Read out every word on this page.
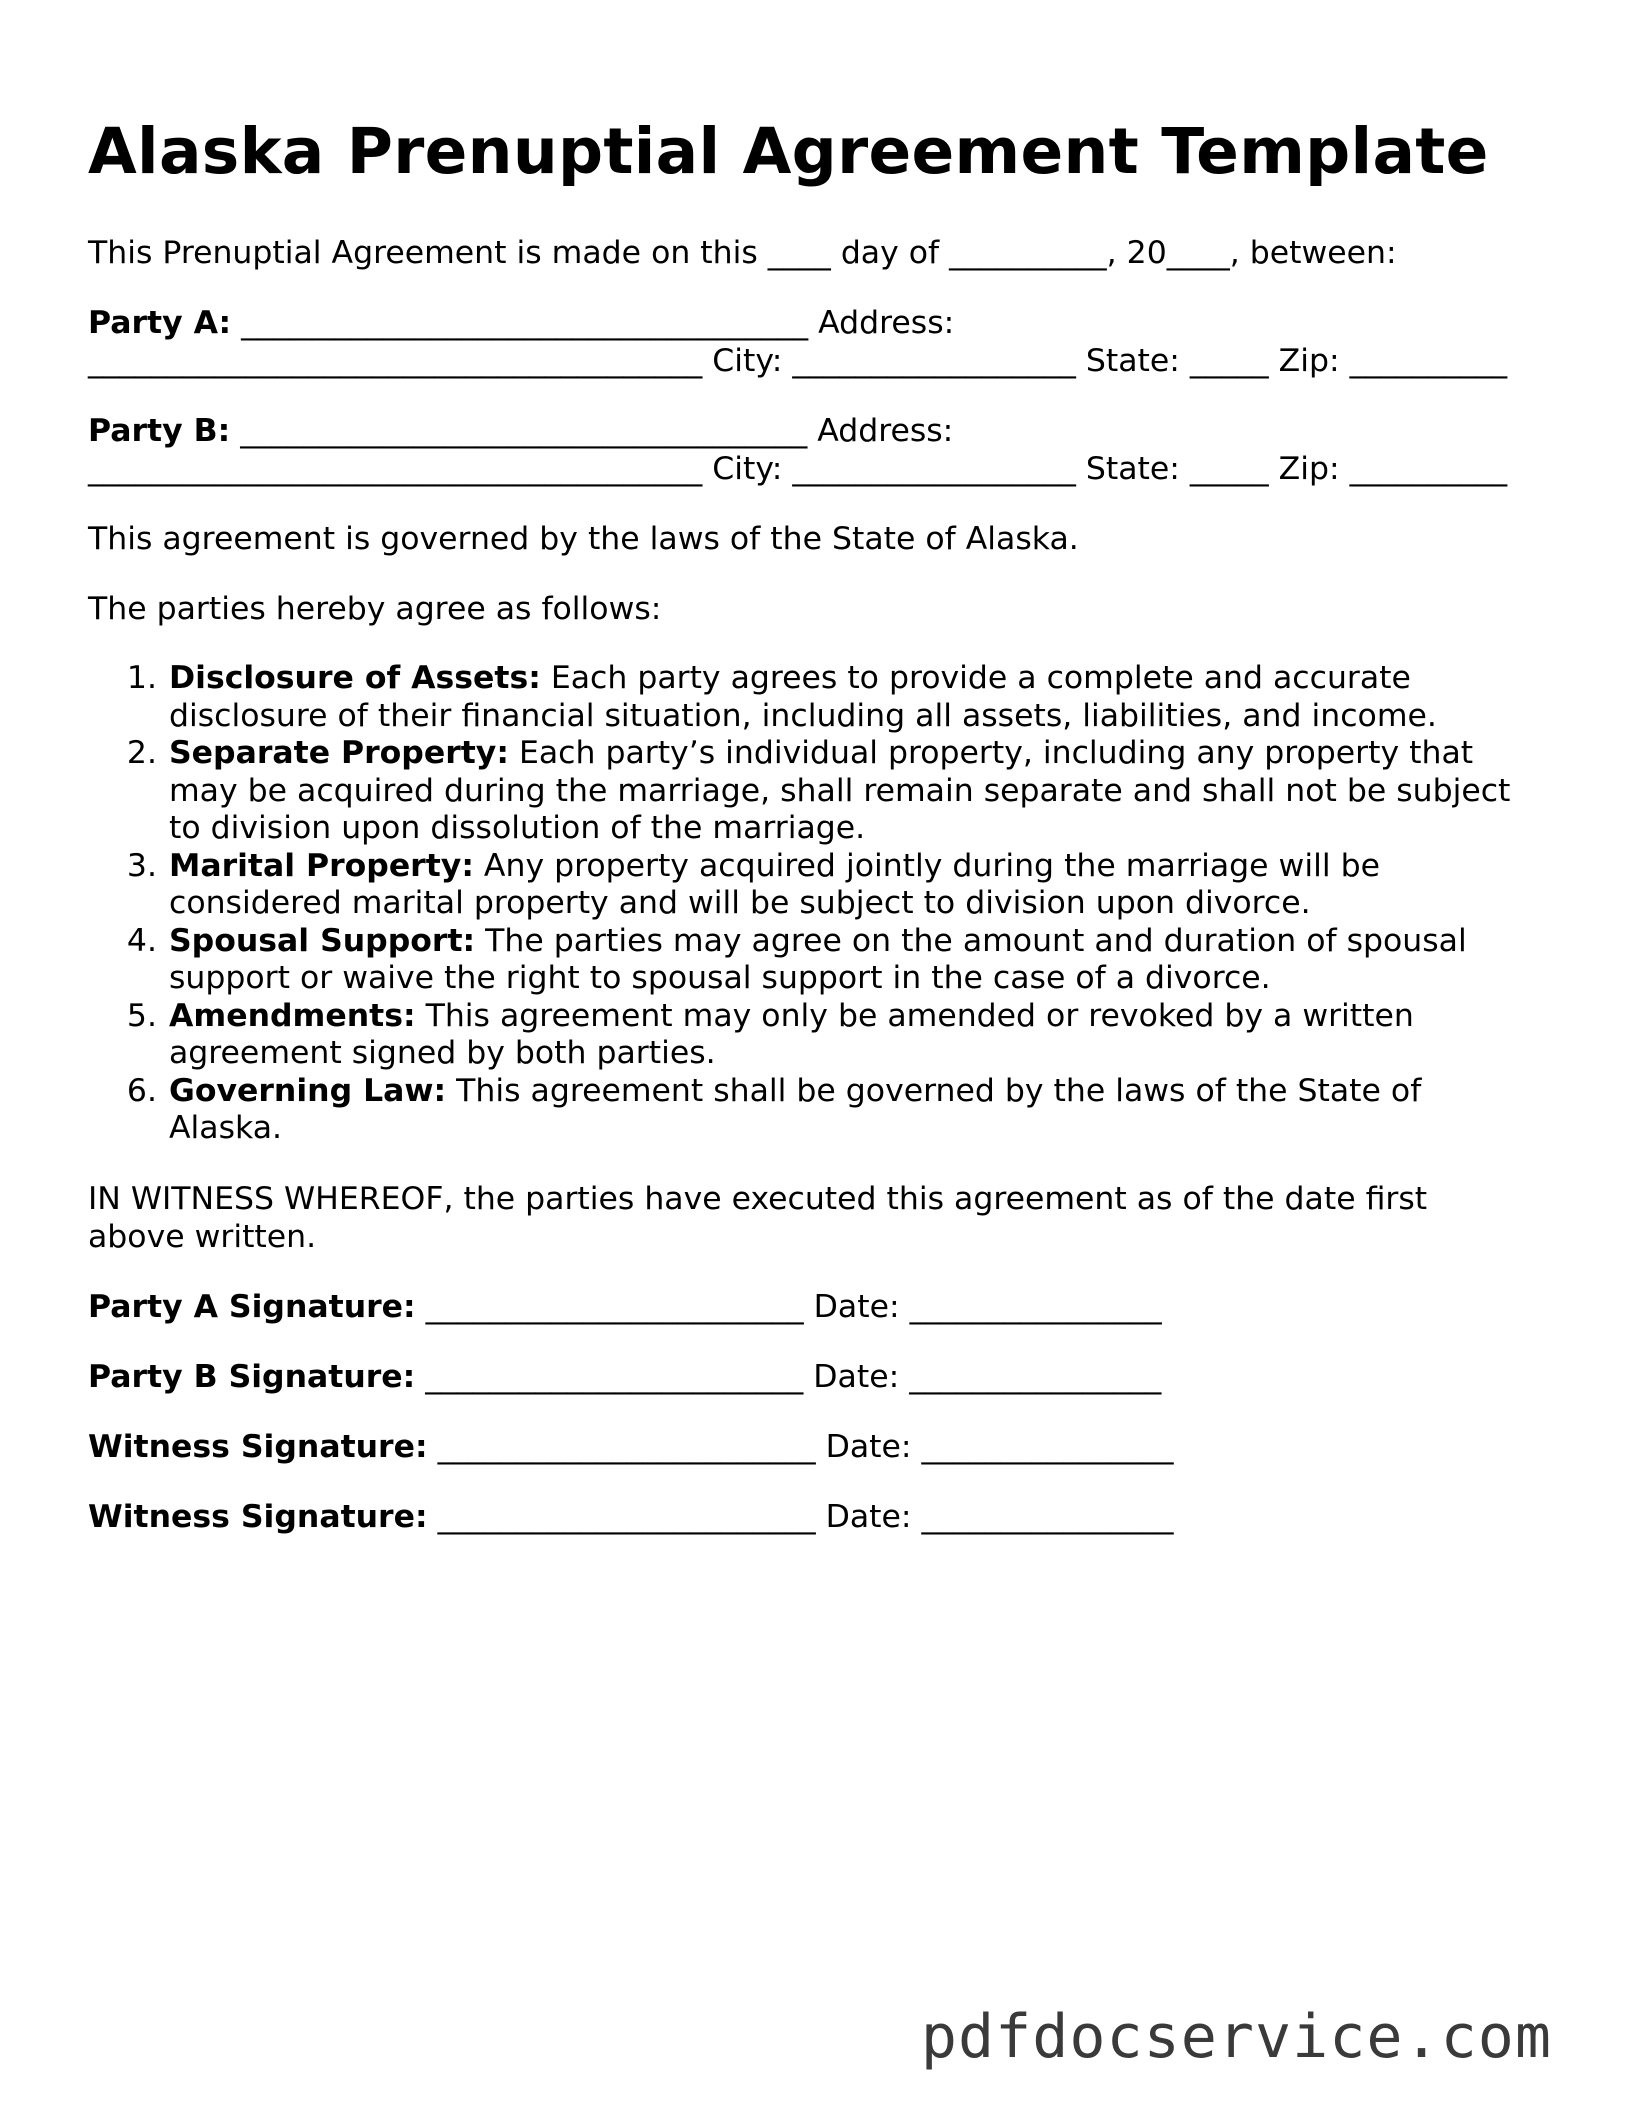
Alaska Prenuptial Agreement Template

This Prenuptial Agreement is made on this ____ day of __________, 20____, between:

Party A: ____________________________________ Address: _______________________________________ City: __________________ State: _____ Zip: __________

Party B: ____________________________________ Address: _______________________________________ City: __________________ State: _____ Zip: __________

This agreement is governed by the laws of the State of Alaska.

The parties hereby agree as follows:

1. Disclosure of Assets: Each party agrees to provide a complete and accurate disclosure of their financial situation, including all assets, liabilities, and income.
2. Separate Property: Each party’s individual property, including any property that may be acquired during the marriage, shall remain separate and shall not be subject to division upon dissolution of the marriage.
3. Marital Property: Any property acquired jointly during the marriage will be considered marital property and will be subject to division upon divorce.
4. Spousal Support: The parties may agree on the amount and duration of spousal support or waive the right to spousal support in the case of a divorce.
5. Amendments: This agreement may only be amended or revoked by a written agreement signed by both parties.
6. Governing Law: This agreement shall be governed by the laws of the State of Alaska.

IN WITNESS WHEREOF, the parties have executed this agreement as of the date first above written.

Party A Signature: ________________________ Date: ________________

Party B Signature: ________________________ Date: ________________

Witness Signature: ________________________ Date: ________________

Witness Signature: ________________________ Date: ________________

pdfdocservice.com
